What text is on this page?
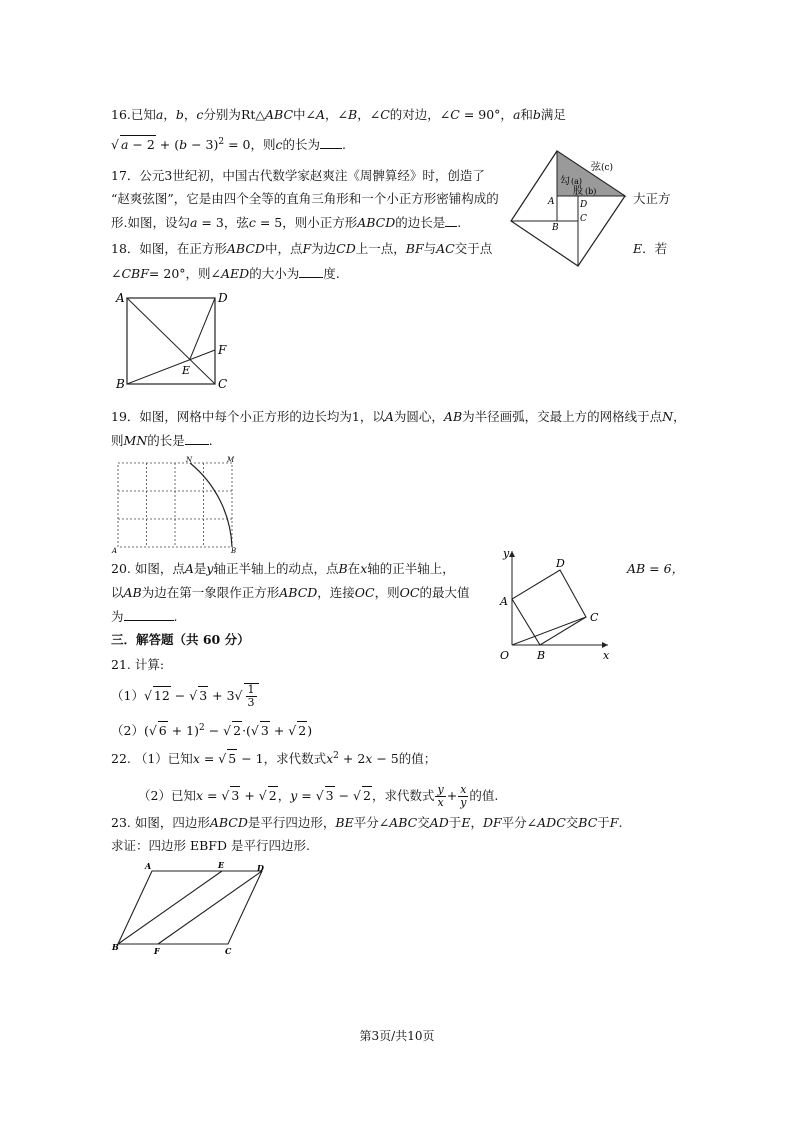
16.已知a，b，c分别为Rt△ABC中∠A，∠B，∠C的对边，∠C = 90°，a和b满足
√ $a - 2 + (b - 3)^2 = 0$，则c的长为 .
17．公元3世纪初，中国古代数学家赵爽注《周髀算经》时，创造了
“赵爽弦图”，它是由四个全等的直角三角形和一个小正方形密铺构成的	大正方
形.如图，设勾a = 3，弦c = 5，则小正方形ABCD的边长是 .
弦 (c)
勾 (a)
股 (b)
A	D
B
C
18．如图，在正方形ABCD中，点F为边CD上一点，BF与AC交于点	E．若
∠CBF= 20°，则∠AED的大小为 度.
A	D
F
E
B	C
19．如图，网格中每个小正方形的边长均为1，以A为圆心，AB为半径画弧，交最上方的网格线于点N，
则MN的长是 .
N	M
A	B
20. 如图，点A是y轴正半轴上的动点，点B在x轴的正半轴上，	AB = 6，
以AB为边在第一象限作正方形ABCD，连接OC，则OC的最大值
为	.
y
D
A
C
O	B	x
三．解答题（共 60 分）
21. 计算:
（1）√ 12 − √ $3 + 3√ \frac{1}{3}$
（2）(√ 6 + 1)$^2$ − √ 2·(√ 3 + √ 2)
22. （1）已知x = √ 5 − 1，求代数式$x^2 + 2x - 5$的值；
（2）已知x = √ 3 + √ 2，y = √ 3 − √ 2，求代数式 $\frac{y}{x} + \frac{x}{y}$ 的值.
23. 如图，四边形ABCD是平行四边形，BE平分∠ABC交AD于E，DF平分∠ADC交BC于F.
求证：四边形 EBFD 是平行四边形.
A	E	D
B	F	C
第3页/共10页
